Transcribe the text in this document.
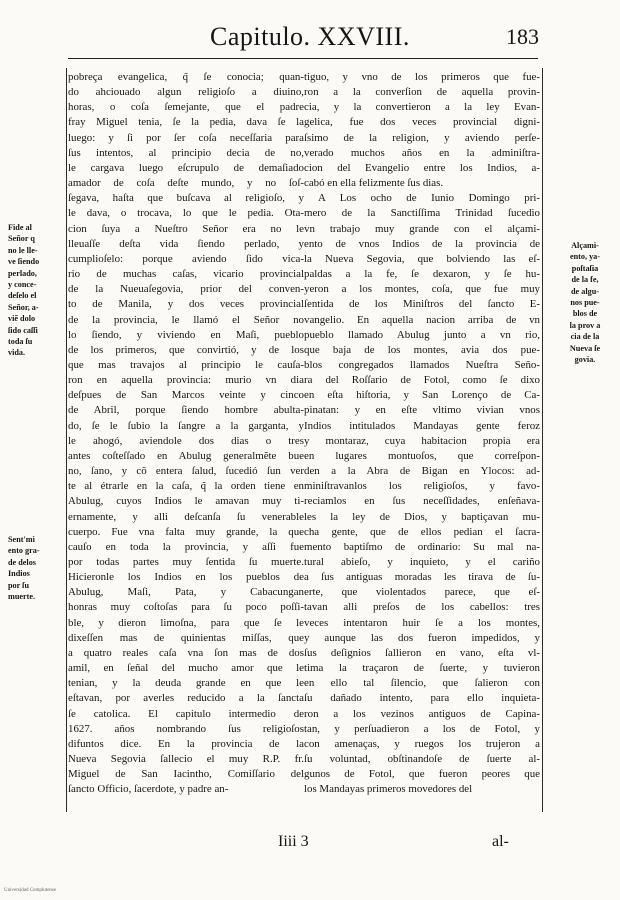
Capitulo. XXVIII.	183
pobreça evangelica, q̃ ſe conocia; quan-
do ahciouado algun religioſo a diuino,
horas, o coſa ſemejante, que el padre
fray Miguel tenia, ſe la pedia, dava ſe la
luego: y ſi por ſer coſa neceſſaria para
ſus intentos, al principio decia de no,
le cargava luego eſcrupulo de demaſiado
amador de coſa deſte mundo, y no ſoſ-
ſegava, haſta que buſcava al religioſo, y
le dava, o trocava, lo que le pedia. Ota-
cion ſuya a Nueſtro Señor era no le
lleuaſſe deſta vida ſiendo perlado, y
cumplioſelo: porque aviendo ſido vica-
rio de muchas caſas, vicario provincial
de la Nueuaſegovia, prior del conven-
to de Manila, y dos veces provincial
de la provincia, le llamó el Señor no
lo ſiendo, y viviendo en Maſi, pueblo
de los primeros, que convirtió, y de los
que mas travajos al principio le cauſa-
ron en aquella provincia: murio vn dia
deſpues de San Marcos veinte y cinco
de Abril, porque ſiendo hombre abulta-
do, ſe le ſubio la ſangre a la garganta, y
le ahogó, aviendole dos dias o tres
antes coſteſſado en Abulug generalmẽte bue
no, ſano, y cõ entera ſalud, ſucedió ſun ver
te al étrarle en la caſa, q̃ la orden tiene en
Abulug, cuyos Indios le amavan muy ti-
ernamente, y alli deſcanſa ſu venerable
cuerpo. Fue vna falta muy grande, la que
cauſo en toda la provincia, y aſſi fue
por todas partes muy ſentida ſu muerte.
Hicieronle los Indios en los pueblos de
Abulug, Maſi, Pata, y Cabacungan
honras muy coſtoſas para ſu poco poſſi-
ble, y dieron limoſna, para que ſe le
dixeſſen mas de quinientas miſſas, que
a quatro reales caſa vna ſon mas de dos
amil, en ſeñal del mucho amor que le
tenian, y la deuda grande en que le
eſtavan, por averles reducido a la ſancta
ſe catolica. El capitulo intermedio de
1627. años nombrando ſus religioſos
difuntos dice. En la provincia de la
Nueva Segovia ſallecio el muy R.P. fr.
Miguel de San Iacintho, Comiſſario del
ſancto Officio, ſacerdote, y padre an-
tiguo, y vno de los primeros que fue-
ron a la converſion de aquella provin-
cia, y la convertieron a la ley Evan-
gelica, fue dos veces provincial digni-
ſsimo de la religion, y aviendo perſe-
verado muchos años en la adminiſtra-
cion del Evangelio entre los Indios, a-
cabó en ella felizmente ſus dias.
A Los ocho de Iunio Domingo pri-
mero de la Sanctiſſima Trinidad ſucedio
vn trabajo muy grande con el alçami-
ento de vnos Indios de la provincia de
la Nueva Segovia, que bolviendo las eſ-
paldas a la fe, ſe dexaron, y ſe hu-
yeron a los montes, coſa, que fue muy
ſentida de los Miniſtros del ſancto E-
vangelio. En aquella nacion arriba de vn
pueblo llamado Abulug junto a vn rio,
que baja de los montes, avia dos pue-
blos congregados llamados Nueſtra Seño-
ra del Roſſario de Fotol, como ſe dixo
en eſta hiſtoria, y San Lorenço de Ca-
pinatan: y en eſte vltimo vivian vnos
Indios intitulados Mandayas gente feroz
y montaraz, cuya habitacion propia era
en lugares montuoſos, que correſpon-
den a la Abra de Bigan en Ylocos: ad-
miniſtravanlos los religioſos, y favo-
reciamlos en ſus neceſſidades, enſeñava-
les la ley de Dios, y baptiçavan mu-
cha gente, que de ellos pedian el ſacra-
mento baptiſmo de ordinario: Su mal na-
tural abieſo, y inquieto, y el cariño
a ſus antiguas moradas les tirava de ſu-
erte, que violentados parece, que eſ-
tavan alli preſos de los cabellos: tres
veces intentaron huir ſe a los montes,
y aunque las dos fueron impedidos, y
ſus deſignios ſallieron en vano, eſta vl-
tima la traçaron de ſuerte, y tuvieron
en ello tal ſilencio, que ſalieron con
ſu dañado intento, para ello inquieta-
ron a los vezinos antiguos de Capina-
tan, y perſuadieron a los de Fotol, y
con amenaças, y ruegos los trujeron a
ſu voluntad, obſtinandoſe de ſuerte al-
gunos de Fotol, que fueron peores que
los Mandayas primeros movedores del
Fide al
Señor q
no le lle-
ve ſiendo
perlado,
y conce-
deſelo el
Señor, a-
viẽ dolo
ſido caſſi
toda ſu
vida.
Sent'mi
ento gra-
de delos
Indios
por ſu
muerte.
Alçami-
ento, ya-
poſtaſia
de la fe,
de algu-
nos pue-
blos de
la prov a
cia de la
Nueva ſe
govia.
Iiii 3	al-
Universidad Complutense
